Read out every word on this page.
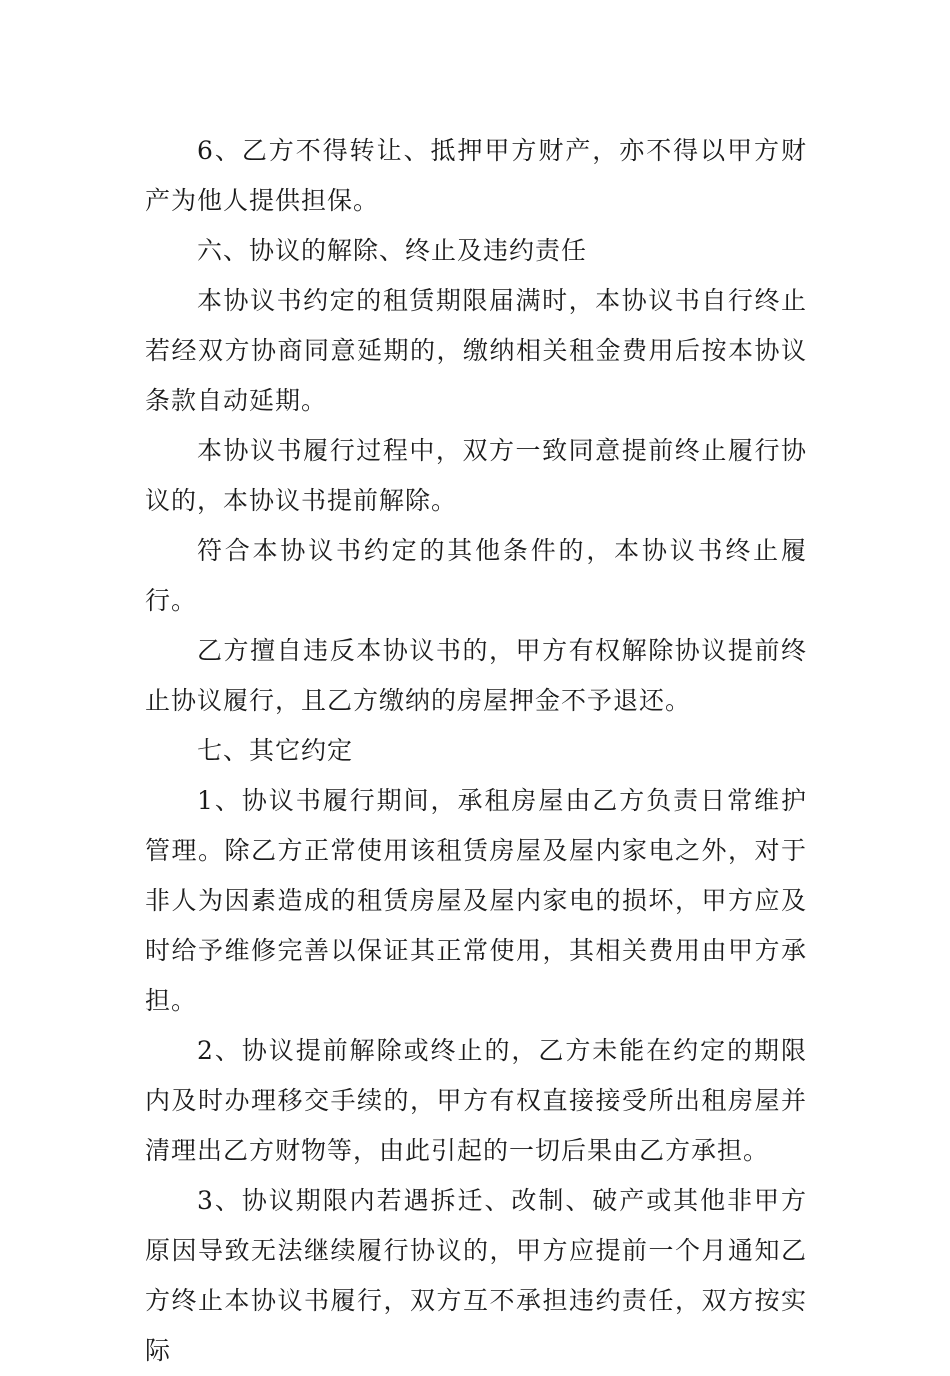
6、乙方不得转让、抵押甲方财产，亦不得以甲方财产为他人提供担保。

六、协议的解除、终止及违约责任

本协议书约定的租赁期限届满时，本协议书自行终止若经双方协商同意延期的，缴纳相关租金费用后按本协议条款自动延期。

本协议书履行过程中，双方一致同意提前终止履行协议的，本协议书提前解除。

符合本协议书约定的其他条件的，本协议书终止履行。

乙方擅自违反本协议书的，甲方有权解除协议提前终止协议履行，且乙方缴纳的房屋押金不予退还。

七、其它约定

1、协议书履行期间，承租房屋由乙方负责日常维护管理。除乙方正常使用该租赁房屋及屋内家电之外，对于非人为因素造成的租赁房屋及屋内家电的损坏，甲方应及时给予维修完善以保证其正常使用，其相关费用由甲方承担。

2、协议提前解除或终止的，乙方未能在约定的期限内及时办理移交手续的，甲方有权直接接受所出租房屋并清理出乙方财物等，由此引起的一切后果由乙方承担。

3、协议期限内若遇拆迁、改制、破产或其他非甲方原因导致无法继续履行协议的，甲方应提前一个月通知乙方终止本协议书履行，双方互不承担违约责任，双方按实际
